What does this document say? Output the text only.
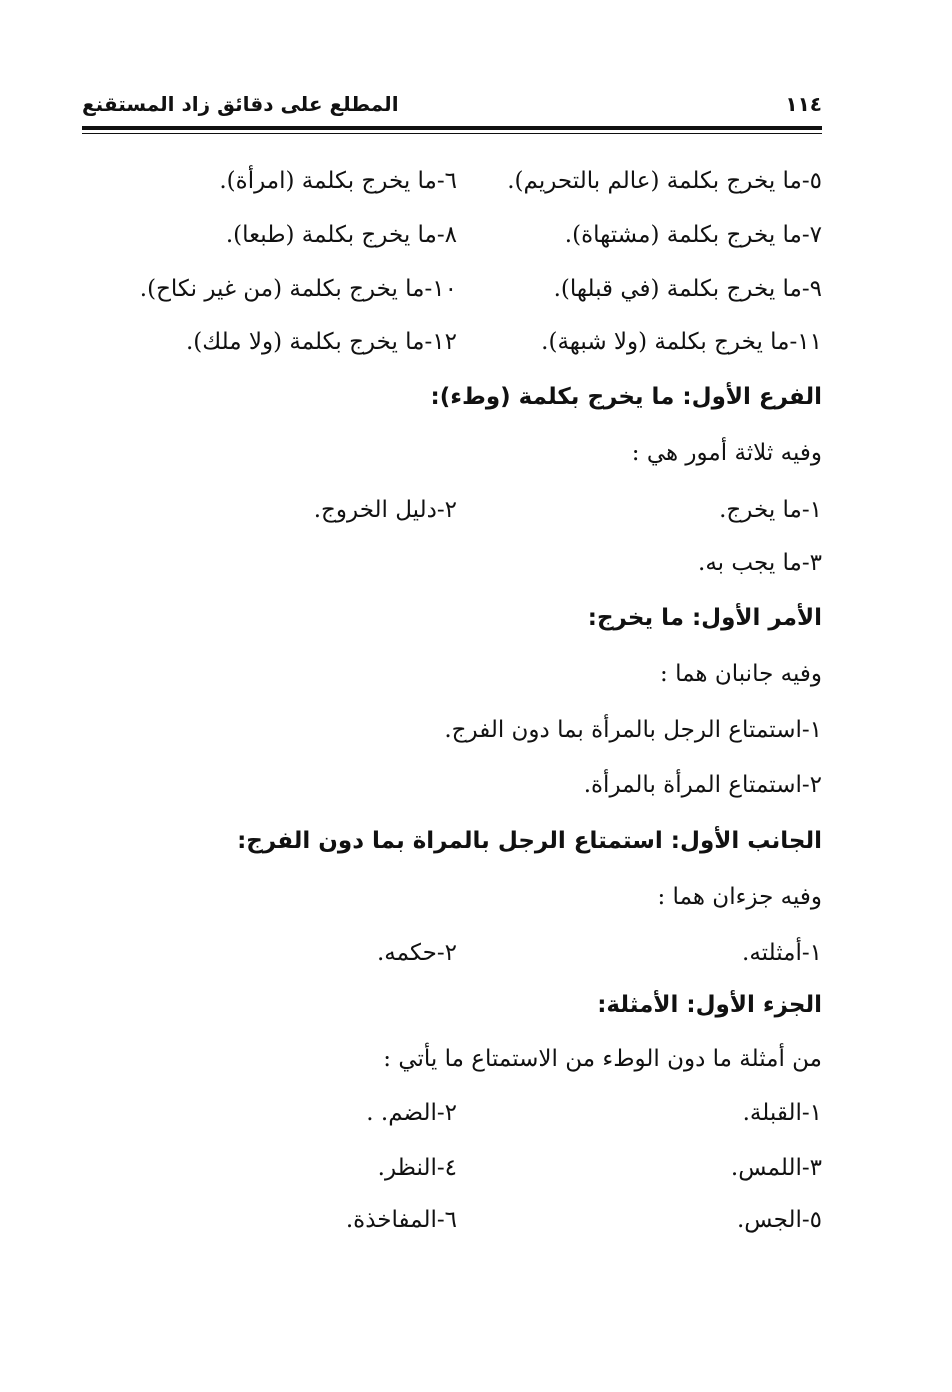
١١٤
المطلع على دقائق زاد المستقنع
٥-ما يخرج بكلمة (عالم بالتحريم).
٦-ما يخرج بكلمة (امرأة).
٧-ما يخرج بكلمة (مشتهاة).
٨-ما يخرج بكلمة (طبعا).
٩-ما يخرج بكلمة (في قبلها).
١٠-ما يخرج بكلمة (من غير نكاح).
١١-ما يخرج بكلمة (ولا شبهة).
١٢-ما يخرج بكلمة (ولا ملك).
الفرع الأول: ما يخرج بكلمة (وطء):
وفيه ثلاثة أمور هي :
١-ما يخرج.
٢-دليل الخروج.
٣-ما يجب به.
الأمر الأول: ما يخرج:
وفيه جانبان هما :
١-استمتاع الرجل بالمرأة بما دون الفرج.
٢-استمتاع المرأة بالمرأة.
الجانب الأول: استمتاع الرجل بالمراة بما دون الفرج:
وفيه جزءان هما :
١-أمثلته.
٢-حكمه.
الجزء الأول: الأمثلة:
من أمثلة ما دون الوطء من الاستمتاع ما يأتي :
١-القبلة.
٢-الضم. .
٣-اللمس.
٤-النظر.
٥-الجس.
٦-المفاخذة.
